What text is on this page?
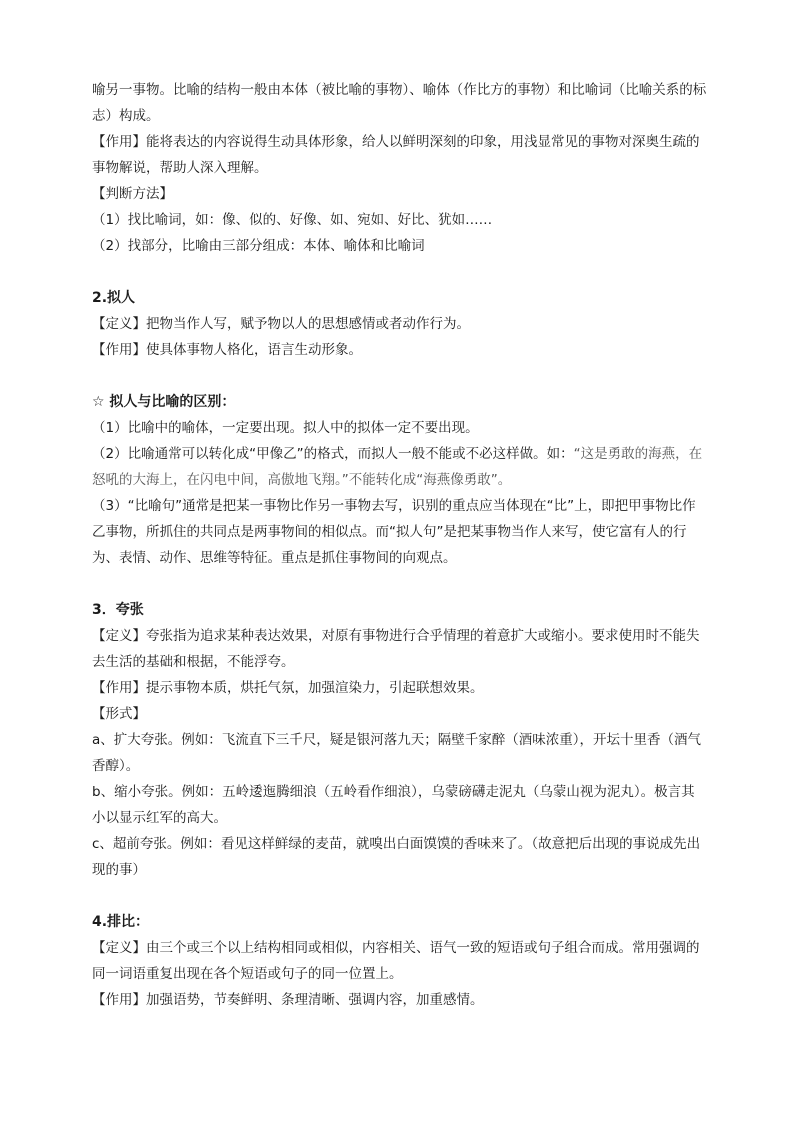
喻另一事物。比喻的结构一般由本体（被比喻的事物）、喻体（作比方的事物）和比喻词（比喻关系的标志）构成。

【作用】能将表达的内容说得生动具体形象，给人以鲜明深刻的印象，用浅显常见的事物对深奥生疏的事物解说，帮助人深入理解。

【判断方法】

（1）找比喻词，如：像、似的、好像、如、宛如、好比、犹如……

（2）找部分，比喻由三部分组成：本体、喻体和比喻词

2.拟人

【定义】把物当作人写，赋予物以人的思想感情或者动作行为。

【作用】使具体事物人格化，语言生动形象。

☆ 拟人与比喻的区别：

（1）比喻中的喻体，一定要出现。拟人中的拟体一定不要出现。

（2）比喻通常可以转化成“甲像乙”的格式，而拟人一般不能或不必这样做。如：“这是勇敢的海燕，在怒吼的大海上，在闪电中间，高傲地飞翔。”不能转化成“海燕像勇敢”。

（3）“比喻句”通常是把某一事物比作另一事物去写，识别的重点应当体现在“比”上，即把甲事物比作乙事物，所抓住的共同点是两事物间的相似点。而“拟人句”是把某事物当作人来写，使它富有人的行为、表情、动作、思维等特征。重点是抓住事物间的向观点。

3．夸张

【定义】夸张指为追求某种表达效果，对原有事物进行合乎情理的着意扩大或缩小。要求使用时不能失去生活的基础和根据，不能浮夸。

【作用】提示事物本质，烘托气氛，加强渲染力，引起联想效果。

【形式】

a、扩大夸张。例如：飞流直下三千尺，疑是银河落九天；隔壁千家醉（酒味浓重），开坛十里香（酒气香醇）。

b、缩小夸张。例如：五岭逶迤腾细浪（五岭看作细浪），乌蒙磅礴走泥丸（乌蒙山视为泥丸）。极言其小以显示红军的高大。

c、超前夸张。例如：看见这样鲜绿的麦苗，就嗅出白面馍馍的香味来了。（故意把后出现的事说成先出现的事）

4.排比：

【定义】由三个或三个以上结构相同或相似，内容相关、语气一致的短语或句子组合而成。常用强调的同一词语重复出现在各个短语或句子的同一位置上。

【作用】加强语势，节奏鲜明、条理清晰、强调内容，加重感情。
